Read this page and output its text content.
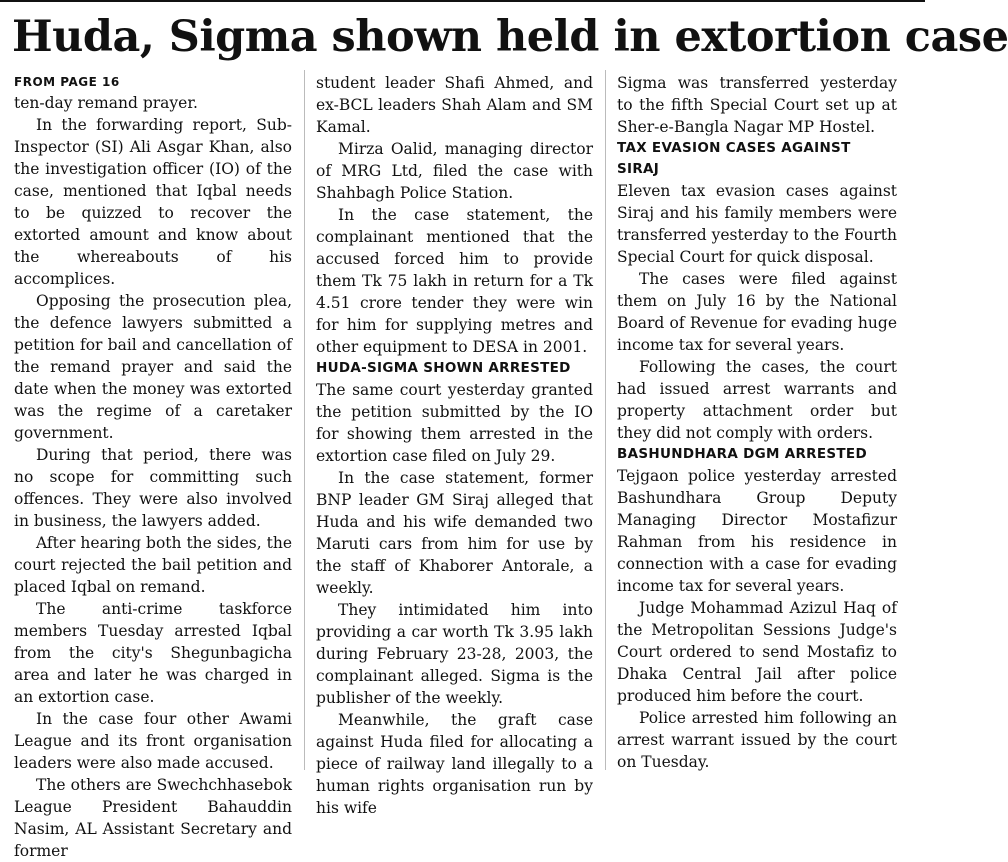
Huda, Sigma shown held in extortion case
FROM PAGE 16

ten-day remand prayer.

In the forwarding report, Sub-Inspector (SI) Ali Asgar Khan, also the investigation officer (IO) of the case, mentioned that Iqbal needs to be quizzed to recover the extorted amount and know about the whereabouts of his accomplices.

Opposing the prosecution plea, the defence lawyers submitted a petition for bail and cancellation of the remand prayer and said the date when the money was extorted was the regime of a caretaker government.

During that period, there was no scope for committing such offences. They were also involved in business, the lawyers added.

After hearing both the sides, the court rejected the bail petition and placed Iqbal on remand.

The anti-crime taskforce members Tuesday arrested Iqbal from the city's Shegunbagicha area and later he was charged in an extortion case.

In the case four other Awami League and its front organisation leaders were also made accused.

The others are Swechchhasebok League President Bahauddin Nasim, AL Assistant Secretary and former

student leader Shafi Ahmed, and ex-BCL leaders Shah Alam and SM Kamal.

Mirza Oalid, managing director of MRG Ltd, filed the case with Shahbagh Police Station.

In the case statement, the complainant mentioned that the accused forced him to provide them Tk 75 lakh in return for a Tk 4.51 crore tender they were win for him for supplying metres and other equipment to DESA in 2001.

HUDA-SIGMA SHOWN ARRESTED

The same court yesterday granted the petition submitted by the IO for showing them arrested in the extortion case filed on July 29.

In the case statement, former BNP leader GM Siraj alleged that Huda and his wife demanded two Maruti cars from him for use by the staff of Khaborer Antorale, a weekly.

They intimidated him into providing a car worth Tk 3.95 lakh during February 23-28, 2003, the complainant alleged. Sigma is the publisher of the weekly.

Meanwhile, the graft case against Huda filed for allocating a piece of railway land illegally to a human rights organisation run by his wife

Sigma was transferred yesterday to the fifth Special Court set up at Sher-e-Bangla Nagar MP Hostel.

TAX EVASION CASES AGAINST SIRAJ

Eleven tax evasion cases against Siraj and his family members were transferred yesterday to the Fourth Special Court for quick disposal.

The cases were filed against them on July 16 by the National Board of Revenue for evading huge income tax for several years.

Following the cases, the court had issued arrest warrants and property attachment order but they did not comply with orders.

BASHUNDHARA DGM ARRESTED

Tejgaon police yesterday arrested Bashundhara Group Deputy Managing Director Mostafizur Rahman from his residence in connection with a case for evading income tax for several years.

Judge Mohammad Azizul Haq of the Metropolitan Sessions Judge's Court ordered to send Mostafiz to Dhaka Central Jail after police produced him before the court.

Police arrested him following an arrest warrant issued by the court on Tuesday.
